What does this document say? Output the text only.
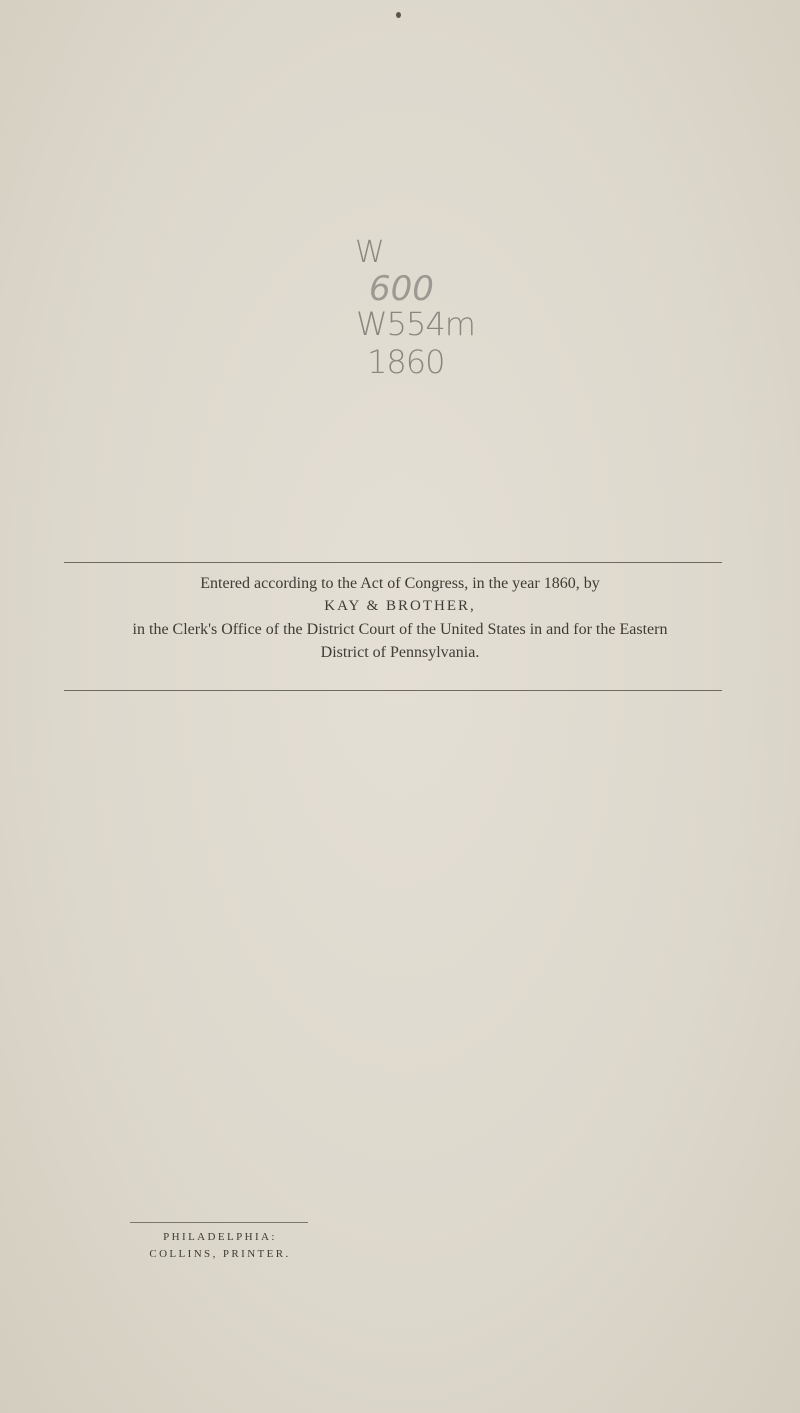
W
600
W554m
1860
Entered according to the Act of Congress, in the year 1860, by
KAY & BROTHER,
in the Clerk's Office of the District Court of the United States in and for the Eastern
District of Pennsylvania.
PHILADELPHIA:
COLLINS, PRINTER.
